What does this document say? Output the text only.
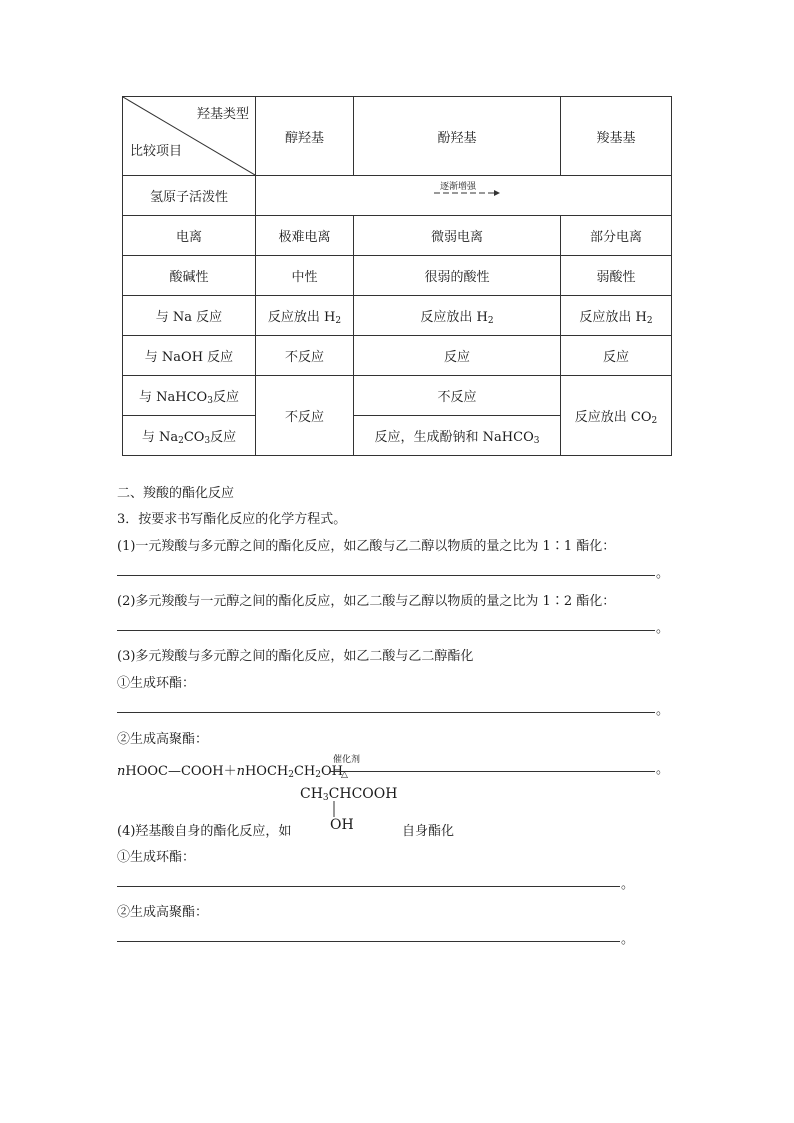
羟基类型
比较项目	醇羟基	酚羟基	羧基基
氢原子活泼性	逐渐增强		

电离	极难电离	微弱电离	部分电离
酸碱性	中性	很弱的酸性	弱酸性
与 Na 反应	反应放出 $H_2$	反应放出 $H_2$	反应放出 $H_2$
与 NaOH 反应	不反应	反应	反应
与 NaHCO$_3$反应	不反应	不反应	反应放出 $CO_2$
与 $Na_2CO_3$反应		反应，生成酚钠和 NaHCO$_3$
二、羧酸的酯化反应
3．按要求书写酯化反应的化学方程式。
(1)一元羧酸与多元醇之间的酯化反应，如乙酸与乙二醇以物质的量之比为 1∶1 酯化：
。
(2)多元羧酸与一元醇之间的酯化反应，如乙二酸与乙醇以物质的量之比为 1∶2 酯化：
。
(3)多元羧酸与多元醇之间的酯化反应，如乙二酸与乙二醇酯化
①生成环酯：
。
②生成高聚酯：
$nHOOC—COOH+nHOCH_2CH_2OH$
催化剂
△	。
$CH_3CHCOOH$
OH
(4)羟基酸自身的酯化反应，如	自身酯化
①生成环酯：
。
②生成高聚酯：
。
